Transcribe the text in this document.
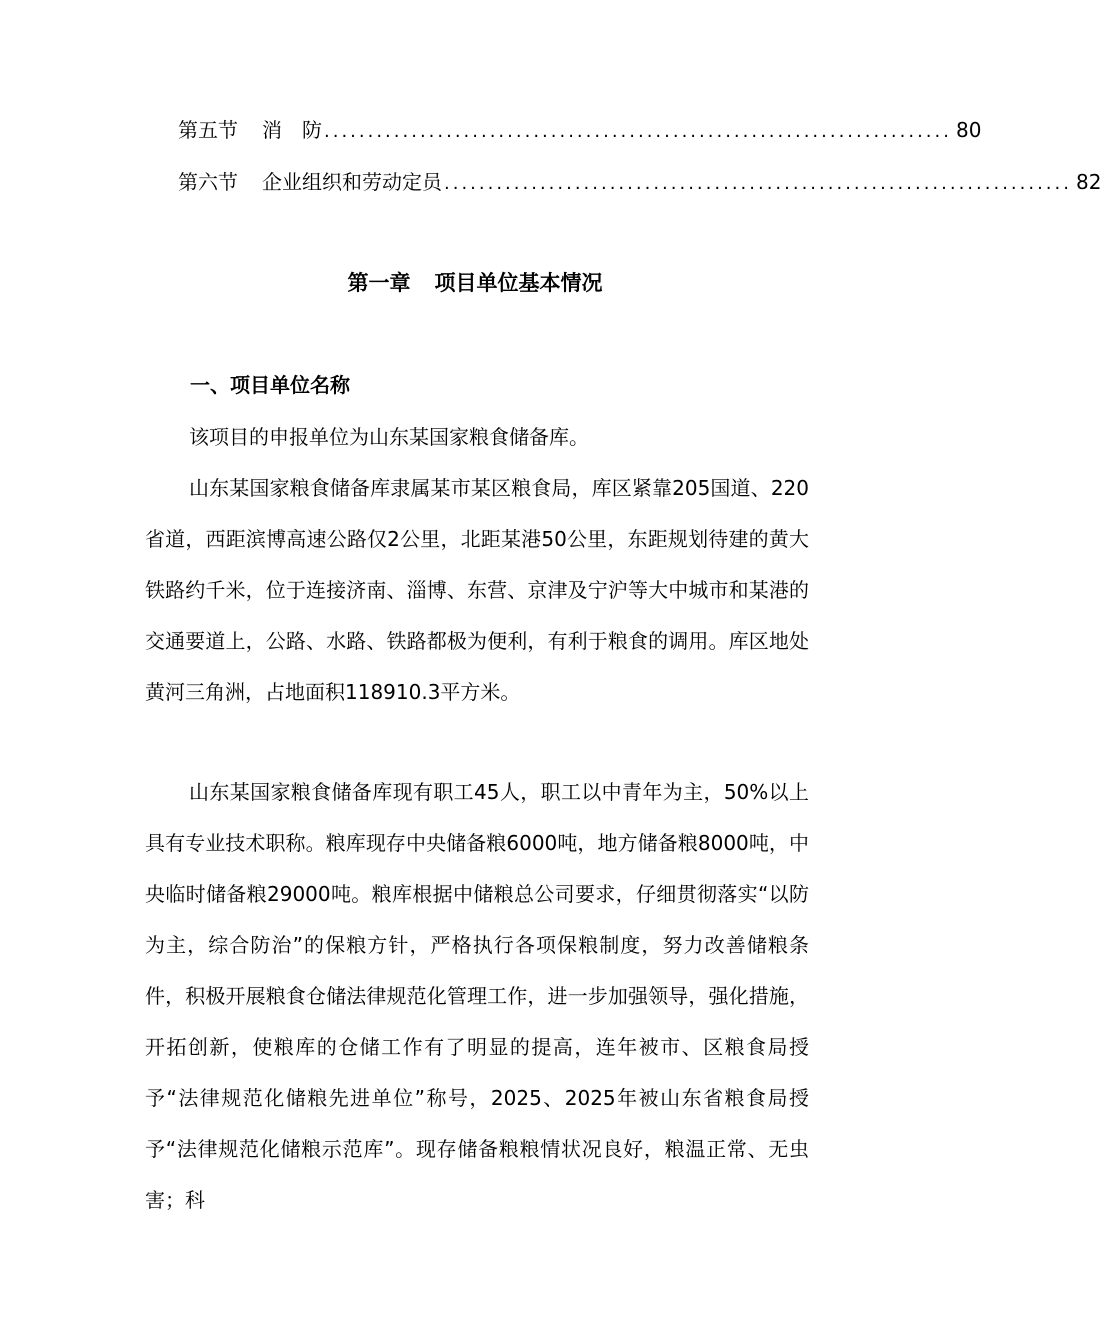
第五节 消　防 ........................................................................ 80
第六节 企业组织和劳动定员 ........................................................................ 82
第一章 项目单位基本情况
一、项目单位名称

该项目的申报单位为山东某国家粮食储备库。

山东某国家粮食储备库隶属某市某区粮食局，库区紧靠205国道、220省道，西距滨博高速公路仅2公里，北距某港50公里，东距规划待建的黄大铁路约千米，位于连接济南、淄博、东营、京津及宁沪等大中城市和某港的交通要道上，公路、水路、铁路都极为便利，有利于粮食的调用。库区地处黄河三角洲，占地面积118910.3平方米。

山东某国家粮食储备库现有职工45人，职工以中青年为主，50%以上具有专业技术职称。粮库现存中央储备粮6000吨，地方储备粮8000吨，中央临时储备粮29000吨。粮库根据中储粮总公司要求，仔细贯彻落实“以防为主，综合防治”的保粮方针，严格执行各项保粮制度，努力改善储粮条件，积极开展粮食仓储法律规范化管理工作，进一步加强领导，强化措施，开拓创新，使粮库的仓储工作有了明显的提高，连年被市、区粮食局授予“法律规范化储粮先进单位”称号，2025、2025年被山东省粮食局授予“法律规范化储粮示范库”。现存储备粮粮情状况良好，粮温正常、无虫害；科
